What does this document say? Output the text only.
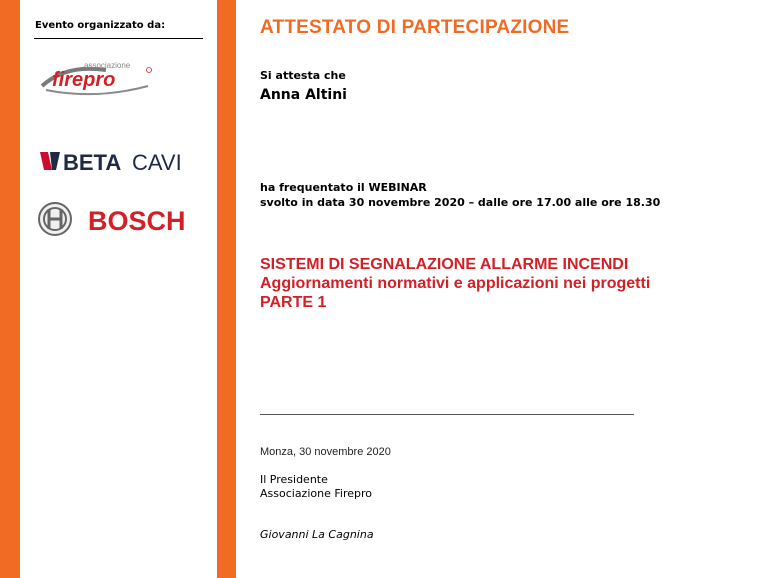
Evento organizzato da:
associazione
firepro
BETA CAVI
BOSCH
ATTESTATO DI PARTECIPAZIONE
Si attesta che
Anna Altini
ha frequentato il WEBINAR
svolto in data 30 novembre 2020 – dalle ore 17.00 alle ore 18.30
SISTEMI DI SEGNALAZIONE ALLARME INCENDI
Aggiornamenti normativi e applicazioni nei progetti
PARTE 1
Monza, 30 novembre 2020
Il Presidente
Associazione Firepro
Giovanni La Cagnina
